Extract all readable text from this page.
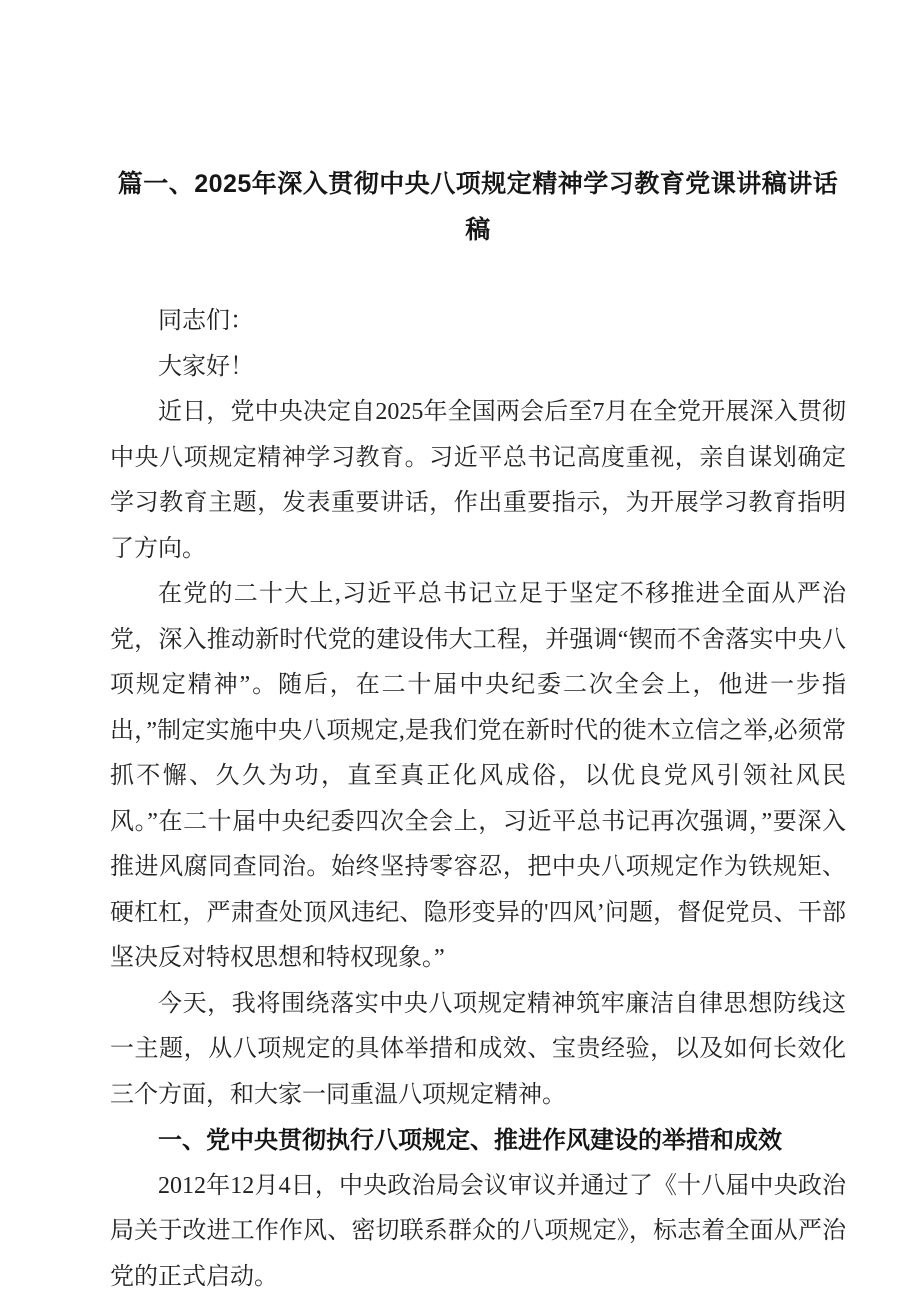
篇一、2025年深入贯彻中央八项规定精神学习教育党课讲稿讲话稿

同志们：

大家好！

近日，党中央决定自2025年全国两会后至7月在全党开展深入贯彻中央八项规定精神学习教育。习近平总书记高度重视，亲自谋划确定学习教育主题，发表重要讲话，作出重要指示，为开展学习教育指明了方向。

在党的二十大上,习近平总书记立足于坚定不移推进全面从严治党，深入推动新时代党的建设伟大工程，并强调“锲而不舍落实中央八项规定精神”。随后，在二十届中央纪委二次全会上，他进一步指出，”制定实施中央八项规定,是我们党在新时代的徙木立信之举,必须常抓不懈、久久为功，直至真正化风成俗，以优良党风引领社风民风。”在二十届中央纪委四次全会上，习近平总书记再次强调，”要深入推进风腐同查同治。始终坚持零容忍，把中央八项规定作为铁规矩、硬杠杠，严肃查处顶风违纪、隐形变异的'四风’问题，督促党员、干部坚决反对特权思想和特权现象。”

今天，我将围绕落实中央八项规定精神筑牢廉洁自律思想防线这一主题，从八项规定的具体举措和成效、宝贵经验，以及如何长效化三个方面，和大家一同重温八项规定精神。

一、党中央贯彻执行八项规定、推进作风建设的举措和成效

2012年12月4日，中央政治局会议审议并通过了《十八届中央政治局关于改进工作作风、密切联系群众的八项规定》，标志着全面从严治党的正式启动。
